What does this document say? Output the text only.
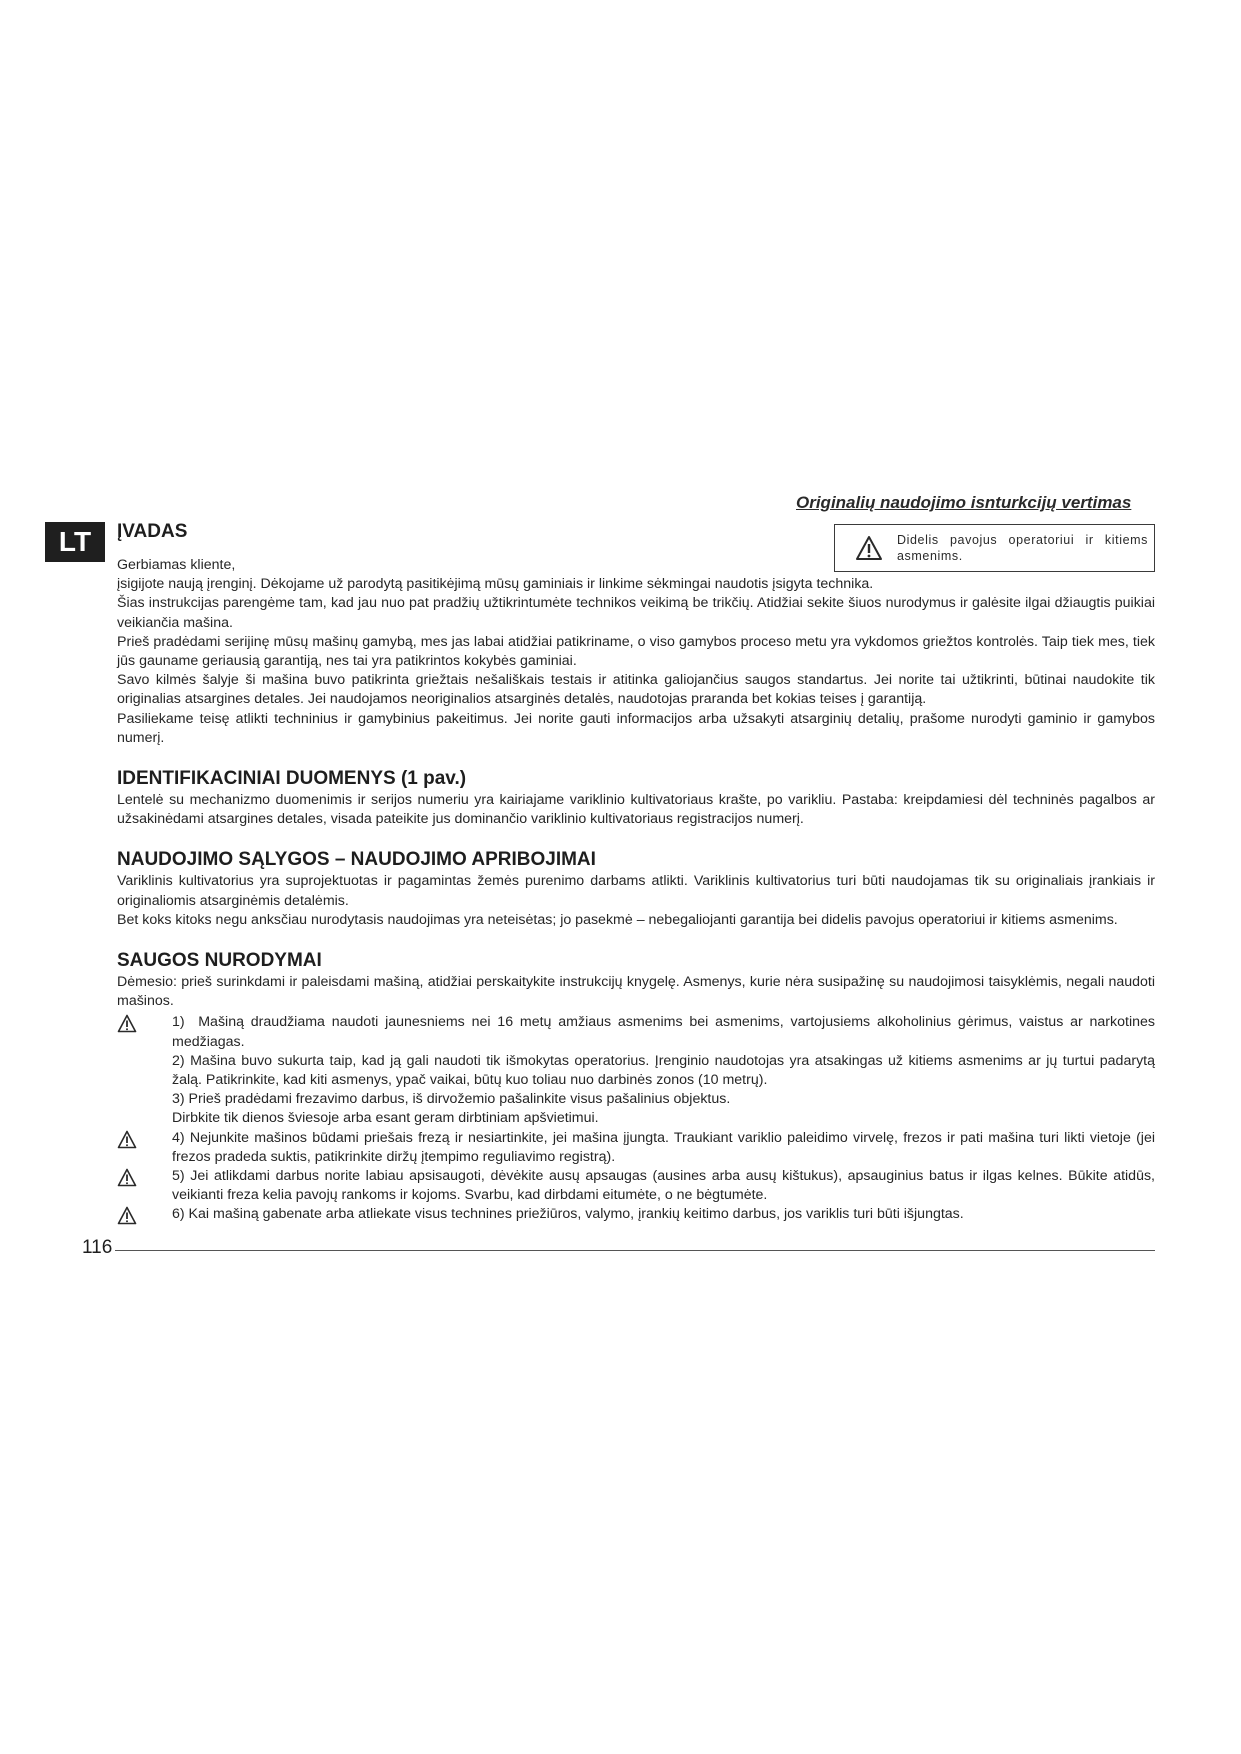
Originalių naudojimo isnturkcijų vertimas
LT	Didelis pavojus operatoriui ir kitiems asmenims.
ĮVADAS

Gerbiamas kliente,

įsigijote naują įrenginį. Dėkojame už parodytą pasitikėjimą mūsų gaminiais ir linkime sėkmingai naudotis įsigyta technika.

Šias instrukcijas parengėme tam, kad jau nuo pat pradžių užtikrintumėte technikos veikimą be trikčių. Atidžiai sekite šiuos nurodymus ir galėsite ilgai džiaugtis puikiai veikiančia mašina.

Prieš pradėdami serijinę mūsų mašinų gamybą, mes jas labai atidžiai patikriname, o viso gamybos proceso metu yra vykdomos griežtos kontrolės. Taip tiek mes, tiek jūs gauname geriausią garantiją, nes tai yra patikrintos kokybės gaminiai.

Savo kilmės šalyje ši mašina buvo patikrinta griežtais nešališkais testais ir atitinka galiojančius saugos standartus. Jei norite tai užtikrinti, būtinai naudokite tik originalias atsargines detales. Jei naudojamos neoriginalios atsarginės detalės, naudotojas praranda bet kokias teises į garantiją.

Pasiliekame teisę atlikti techninius ir gamybinius pakeitimus. Jei norite gauti informacijos arba užsakyti atsarginių detalių, prašome nurodyti gaminio ir gamybos numerį.

IDENTIFIKACINIAI DUOMENYS (1 pav.)

Lentelė su mechanizmo duomenimis ir serijos numeriu yra kairiajame variklinio kultivatoriaus krašte, po varikliu. Pastaba: kreipdamiesi dėl techninės pagalbos ar užsakinėdami atsargines detales, visada pateikite jus dominančio variklinio kultivatoriaus registracijos numerį.

NAUDOJIMO SĄLYGOS – NAUDOJIMO APRIBOJIMAI

Variklinis kultivatorius yra suprojektuotas ir pagamintas žemės purenimo darbams atlikti. Variklinis kultivatorius turi būti naudojamas tik su originaliais įrankiais ir originaliomis atsarginėmis detalėmis.

Bet koks kitoks negu anksčiau nurodytasis naudojimas yra neteisėtas; jo pasekmė – nebegaliojanti garantija bei didelis pavojus operatoriui ir kitiems asmenims.

SAUGOS NURODYMAI

Dėmesio: prieš surinkdami ir paleisdami mašiną, atidžiai perskaitykite instrukcijų knygelę. Asmenys, kurie nėra susipažinę su naudojimosi taisyklėmis, negali naudoti mašinos.

1)  Mašiną draudžiama naudoti jaunesniems nei 16 metų amžiaus asmenims bei asmenims, vartojusiems alkoholinius gėrimus, vaistus ar narkotines medžiagas.

2) Mašina buvo sukurta taip, kad ją gali naudoti tik išmokytas operatorius. Įrenginio naudotojas yra atsakingas už kitiems asmenims ar jų turtui padarytą žalą. Patikrinkite, kad kiti asmenys, ypač vaikai, būtų kuo toliau nuo darbinės zonos (10 metrų).

3) Prieš pradėdami frezavimo darbus, iš dirvožemio pašalinkite visus pašalinius objektus.

Dirbkite tik dienos šviesoje arba esant geram dirbtiniam apšvietimui.

4) Nejunkite mašinos būdami priešais frezą ir nesiartinkite, jei mašina įjungta. Traukiant variklio paleidimo virvelę, frezos ir pati mašina turi likti vietoje (jei frezos pradeda suktis, patikrinkite diržų įtempimo reguliavimo registrą).

5) Jei atlikdami darbus norite labiau apsisaugoti, dėvėkite ausų apsaugas (ausines arba ausų kištukus), apsauginius batus ir ilgas kelnes. Būkite atidūs, veikianti freza kelia pavojų rankoms ir kojoms. Svarbu, kad dirbdami eitumėte, o ne bėgtumėte.

6) Kai mašiną gabenate arba atliekate visus technines priežiūros, valymo, įrankių keitimo darbus, jos variklis turi būti išjungtas.

116
